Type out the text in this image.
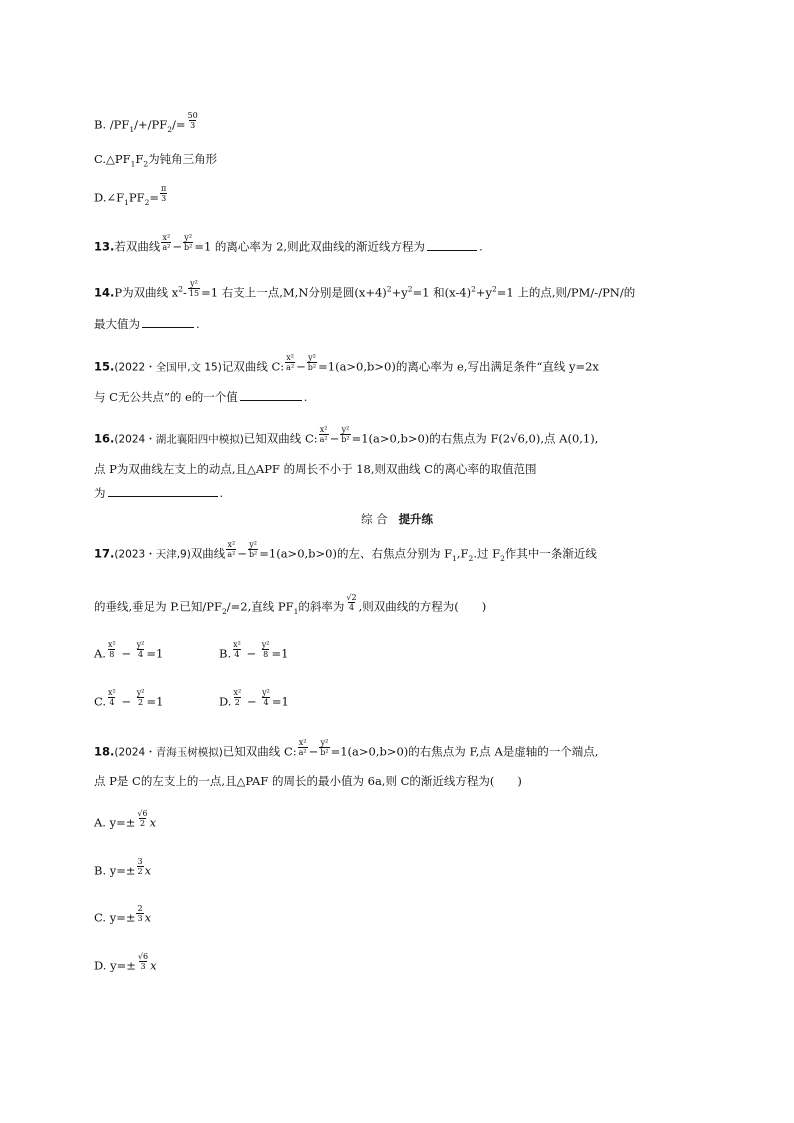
B. $/PF_1/+/PF_2/= \frac{50}{3}$
$C.\triangle PF_1F_2$为钝角三角形
$D.\angle F_1PF_2= \frac{\pi}{3}$
13.若双曲线 $\frac{\text{x²}}{\text{a²}} - \frac{\text{y²}}{\text{b²}} =1$ 的离心率为 2,则此双曲线的渐近线方程为	.
14.P为双曲线 $x^2- \frac{\text{y²}}{15} =1$ 右支上一点,M,N分别是圆$(x+4)^2+y^2=1$ 和$(x-4)^2+y^2=1$ 上的点,则/PM/-/PN/的
最大值为	.
15.(2022・全国甲,文 15)记双曲线 C: $\frac{\text{x²}}{\text{a²}} - \frac{\text{y²}}{\text{b²}} =1(a>0,b>0)$的离心率为 e,写出满足条件“直线 y=2x
与 C无公共点”的 e的一个值	.
16.(2024・湖北襄阳四中模拟)已知双曲线 C: $\frac{\text{x²}}{\text{a²}} - \frac{\text{y²}}{\text{b²}} =1(a>0,b>0)$的右焦点为 F(2√6,0),点 A(0,1),
点 P为双曲线左支上的动点,且△APF 的周长不小于 18,则双曲线 C的离心率的取值范围
为	.
综 合 提升练
17.(2023・天津,9)双曲线 $\frac{\text{x²}}{\text{a²}} - \frac{\text{y²}}{\text{b²}} =1(a>0,b>0)$的左、右焦点分别为 $F_1,F_2$.过 $F_2$作其中一条渐近线
的垂线,垂足为 P.已知$/PF_2/=2$,直线 $PF_1$的斜率为 $\frac{√2}{4}$ ,则双曲线的方程为(　　)
A. $\frac{\text{x²}}{8} - \frac{\text{y²}}{4} =1$	B. $\frac{\text{x²}}{4} - \frac{\text{y²}}{8} =1$
C. $\frac{\text{x²}}{4} - \frac{\text{y²}}{2} =1$	D. $\frac{\text{x²}}{2} - \frac{\text{y²}}{4} =1$
18.(2024・青海玉树模拟)已知双曲线 C: $\frac{\text{x²}}{\text{a²}} - \frac{\text{y²}}{\text{b²}} =1(a>0,b>0)$的右焦点为 F,点 A是虚轴的一个端点,
点 P是 C的左支上的一点,且△PAF 的周长的最小值为 6a,则 C的渐近线方程为(　　)
A. $y=\pm \frac{√6}{2}$ x
B. $y=\pm \frac{3}{2}$ x
C. $y=\pm \frac{2}{3}$ x
D. $y=\pm \frac{√6}{3}$ x
